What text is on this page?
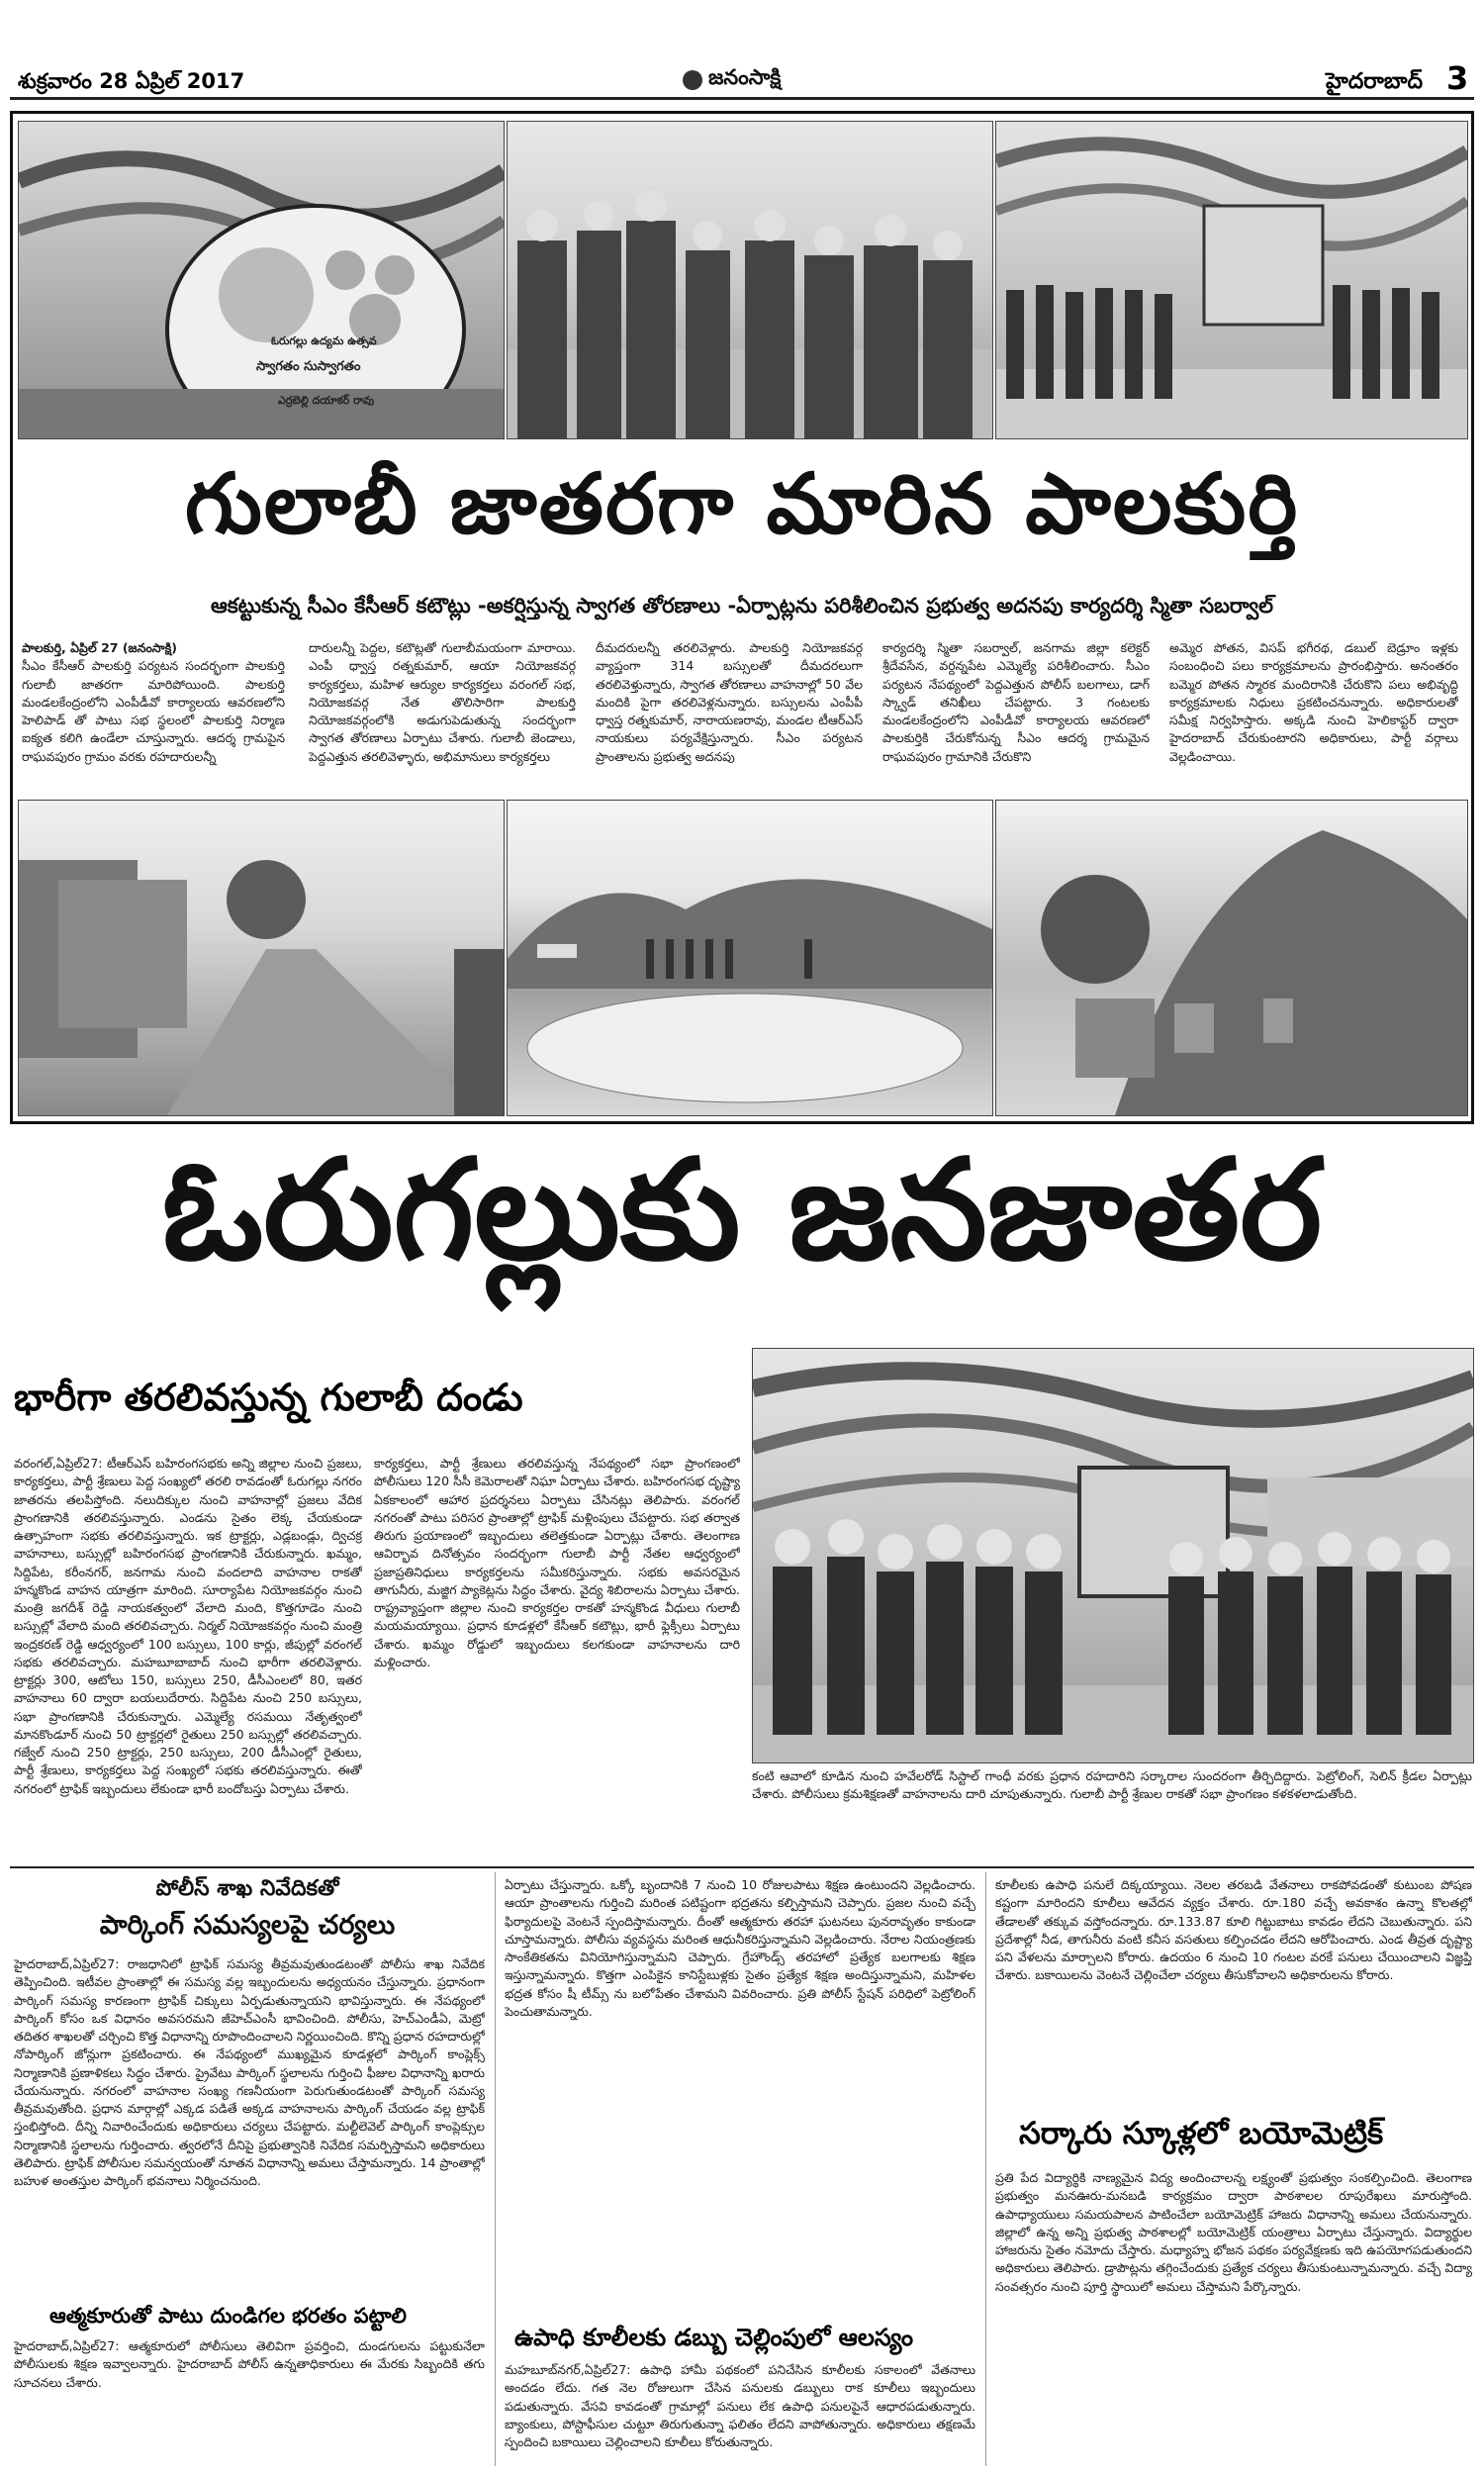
శుక్రవారం 28 ఏప్రిల్ 2017	జనంసాక్షి	హైదరాబాద్ 3
ఓరుగల్లు ఉద్యమ ఉత్సవ
స్వాగతం సుస్వాగతం
ఎర్రబెల్లి దయాకర్ రావు
గులాబీ జాతరగా మారిన పాలకుర్తి
ఆకట్టుకున్న సీఎం కేసీఆర్ కటౌట్లు -అకర్షిస్తున్న స్వాగత తోరణాలు -ఏర్పాట్లను పరిశీలించిన ప్రభుత్వ అదనపు కార్యదర్శి స్మితా సబర్వాల్
పాలకుర్తి, ఏప్రిల్ 27 (జనంసాక్షి)
సీఎం కేసీఆర్ పాలకుర్తి పర్యటన సందర్భంగా పాలకుర్తి గులాబీ జాతరగా మారిపోయింది. పాలకుర్తి మండలకేంద్రంలోని ఎంపీడీవో కార్యాలయ ఆవరణలోని హెలిపాడ్ తో పాటు సభ స్థలంలో పాలకుర్తి నిర్మాణ ఐక్యత కలిగి ఉండేలా చూస్తున్నారు. ఆదర్శ గ్రామపైన రాఘవపురం గ్రామం వరకు రహదారులన్నీ
దారులన్నీ పెద్దల, కటౌట్లతో గులాబీమయంగా మారాయి. ఎంపీ ధ్వాస్త రత్నకుమార్, ఆయా నియోజకవర్గ కార్యకర్తలు, మహిళ ఆర్యుల కార్యకర్తలు వరంగల్ సభ, నియోజకవర్గ నేత తొలిసారిగా పాలకుర్తి నియోజకవర్గంలోకి అడుగుపెడుతున్న సందర్భంగా స్వాగత తోరణాలు ఏర్పాటు చేశారు. గులాబీ జెండాలు, పెద్దఎత్తున తరలివెళ్ళారు, అభిమానులు కార్యకర్తలు
దీమదరులన్నీ తరలివెళ్లారు. పాలకుర్తి నియోజకవర్గ వ్యాప్తంగా 314 బస్సులతో దీమదరలుగా తరలివెళ్తున్నారు, స్వాగత తోరణాలు వాహనాల్లో 50 వేల మందికి పైగా తరలివెళ్లనున్నారు. బస్సులను ఎంపీపీ ధ్వాస్త రత్నకుమార్, నారాయణరావు, మండల టీఆర్ఎస్ నాయకులు పర్యవేక్షిస్తున్నారు. సీఎం పర్యటన ప్రాంతాలను ప్రభుత్వ అదనపు
కార్యదర్శి స్మితా సబర్వాల్, జనగామ జిల్లా కలెక్టర్ శ్రీదేవసేన, వర్దన్నపేట ఎమ్మెల్యే పరిశీలించారు. సీఎం పర్యటన నేపథ్యంలో పెద్దఎత్తున పోలీస్ బలగాలు, డాగ్ స్క్వాడ్ తనిఖీలు చేపట్టారు. 3 గంటలకు మండలకేంద్రంలోని ఎంపీడీవో కార్యాలయ ఆవరణలో పాలకుర్తికి చేరుకోనున్న సీఎం ఆదర్శ గ్రామమైన రాఘవపురం గ్రామానికి చేరుకొని
అమ్మెర పోతన, విసప్ భగీరథ, డబుల్ బెడ్రూం ఇళ్లకు సంబంధించి పలు కార్యక్రమాలను ప్రారంభిస్తారు. అనంతరం బమ్మెర పోతన స్మారక మందిరానికి చేరుకొని పలు అభివృద్ధి కార్యక్రమాలకు నిధులు ప్రకటించనున్నారు. అధికారులతో సమీక్ష నిర్వహిస్తారు. అక్కడి నుంచి హెలికాప్టర్ ద్వారా హైదరాబాద్ చేరుకుంటారని అధికారులు, పార్టీ వర్గాలు వెల్లడించాయి.
ఓరుగల్లుకు జనజాతర
భారీగా తరలివస్తున్న గులాబీ దండు
వరంగల్,ఏప్రిల్27: టీఆర్ఎస్ బహిరంగసభకు అన్ని జిల్లాల నుంచి ప్రజలు, కార్యకర్తలు, పార్టీ శ్రేణులు పెద్ద సంఖ్యలో తరలి రావడంతో ఓరుగల్లు నగరం జాతరను తలపిస్తోంది. నలుదిక్కుల నుంచి వాహనాల్లో ప్రజలు వేదిక ప్రాంగణానికి తరలివస్తున్నారు. ఎండను సైతం లెక్క చేయకుండా ఉత్సాహంగా సభకు తరలివస్తున్నారు. ఇక ట్రాక్టర్లు, ఎడ్లబండ్లు, ద్విచక్ర వాహనాలు, బస్సుల్లో బహిరంగసభ ప్రాంగణానికి చేరుకున్నారు. ఖమ్మం, సిద్దిపేట, కరీంనగర్, జనగామ నుంచి వందలాది వాహనాల రాకతో హన్మకొండ వాహన యాత్రగా మారింది. సూర్యాపేట నియోజకవర్గం నుంచి మంత్రి జగదీశ్ రెడ్డి నాయకత్వంలో వేలాది మంది, కొత్తగూడెం నుంచి బస్సుల్లో వేలాది మంది తరలివచ్చారు. నిర్మల్ నియోజకవర్గం నుంచి మంత్రి ఇంద్రకరణ్ రెడ్డి ఆధ్వర్యంలో 100 బస్సులు, 100 కార్లు, జీపుల్లో వరంగల్ సభకు తరలివచ్చారు. మహబూబాబాద్ నుంచి భారీగా తరలివెళ్లారు. ట్రాక్టర్లు 300, ఆటోలు 150, బస్సులు 250, డీసీఎంలలో 80, ఇతర వాహనాలు 60 ద్వారా బయలుదేరారు. సిద్దిపేట నుంచి 250 బస్సులు, సభా ప్రాంగణానికి చేరుకున్నారు. ఎమ్మెల్యే రసమయి నేతృత్వంలో మానకొండూర్ నుంచి 50 ట్రాక్టర్లలో రైతులు 250 బస్సుల్లో తరలివచ్చారు. గజ్వేల్ నుంచి 250 ట్రాక్టర్లు, 250 బస్సులు, 200 డీసీఎంల్లో రైతులు, పార్టీ శ్రేణులు, కార్యకర్తలు పెద్ద సంఖ్యలో సభకు తరలివస్తున్నారు. ఈతో నగరంలో ట్రాఫిక్ ఇబ్బందులు లేకుండా భారీ బందోబస్తు ఏర్పాటు చేశారు.
కార్యకర్తలు, పార్టీ శ్రేణులు తరలివస్తున్న నేపథ్యంలో సభా ప్రాంగణంలో పోలీసులు 120 సీసీ కెమెరాలతో నిఘా ఏర్పాటు చేశారు. బహిరంగసభ దృష్ట్యా ఏకకాలంలో ఆహార ప్రదర్శనలు ఏర్పాటు చేసినట్లు తెలిపారు. వరంగల్ నగరంతో పాటు పరిసర ప్రాంతాల్లో ట్రాఫిక్ మళ్లింపులు చేపట్టారు. సభ తర్వాత తిరుగు ప్రయాణంలో ఇబ్బందులు తలెత్తకుండా ఏర్పాట్లు చేశారు. తెలంగాణ ఆవిర్భావ దినోత్సవం సందర్భంగా గులాబీ పార్టీ నేతల ఆధ్వర్యంలో ప్రజాప్రతినిధులు కార్యకర్తలను సమీకరిస్తున్నారు. సభకు అవసరమైన తాగునీరు, మజ్జిగ ప్యాకెట్లను సిద్ధం చేశారు. వైద్య శిబిరాలను ఏర్పాటు చేశారు. రాష్ట్రవ్యాప్తంగా జిల్లాల నుంచి కార్యకర్తల రాకతో హన్మకొండ వీధులు గులాబీ మయమయ్యాయి. ప్రధాన కూడళ్లలో కేసీఆర్ కటౌట్లు, భారీ ఫ్లెక్సీలు ఏర్పాటు చేశారు. ఖమ్మం రోడ్డులో ఇబ్బందులు కలగకుండా వాహనాలను దారి మళ్లించారు.
కంటి ఆవాలో కూడిన నుంచి హవేలరోడ్ సిస్టాల్ గాంధీ వరకు ప్రధాన రహదారిని సర్కారాల సుందరంగా తీర్చిదిద్దారు. పెట్రోలింగ్, సెలిన్ క్రీడల ఏర్పాట్లు చేశారు. పోలీసులు క్రమశిక్షణతో వాహనాలను దారి చూపుతున్నారు. గులాబీ పార్టీ శ్రేణుల రాకతో సభా ప్రాంగణం కళకళలాడుతోంది.
పోలీస్ శాఖ నివేదికతో
పార్కింగ్ సమస్యలపై చర్యలు
హైదరాబాద్,ఏప్రిల్27: రాజధానిలో ట్రాఫిక్ సమస్య తీవ్రమవుతుండటంతో పోలీసు శాఖ నివేదిక తెప్పించింది. ఇటీవల ప్రాంతాల్లో ఈ సమస్య వల్ల ఇబ్బందులను అధ్యయనం చేస్తున్నారు. ప్రధానంగా పార్కింగ్ సమస్య కారణంగా ట్రాఫిక్ చిక్కులు ఏర్పడుతున్నాయని భావిస్తున్నారు. ఈ నేపథ్యంలో పార్కింగ్ కోసం ఒక విధానం అవసరమని జీహెచ్ఎంసీ భావించింది. పోలీసు, హెచ్ఎండీఏ, మెట్రో తదితర శాఖలతో చర్చించి కొత్త విధానాన్ని రూపొందించాలని నిర్ణయించింది. కొన్ని ప్రధాన రహదారుల్లో నోపార్కింగ్ జోన్లుగా ప్రకటించారు. ఈ నేపథ్యంలో ముఖ్యమైన కూడళ్లలో పార్కింగ్ కాంప్లెక్స్ నిర్మాణానికి ప్రణాళికలు సిద్ధం చేశారు. ప్రైవేటు పార్కింగ్ స్థలాలను గుర్తించి ఫీజుల విధానాన్ని ఖరారు చేయనున్నారు. నగరంలో వాహనాల సంఖ్య గణనీయంగా పెరుగుతుండటంతో పార్కింగ్ సమస్య తీవ్రమవుతోంది. ప్రధాన మార్గాల్లో ఎక్కడ పడితే అక్కడ వాహనాలను పార్కింగ్ చేయడం వల్ల ట్రాఫిక్ స్తంభిస్తోంది. దీన్ని నివారించేందుకు అధికారులు చర్యలు చేపట్టారు. మల్టీలెవెల్ పార్కింగ్ కాంప్లెక్సుల నిర్మాణానికి స్థలాలను గుర్తించారు. త్వరలోనే దీనిపై ప్రభుత్వానికి నివేదిక సమర్పిస్తామని అధికారులు తెలిపారు. ట్రాఫిక్ పోలీసుల సమన్వయంతో నూతన విధానాన్ని అమలు చేస్తామన్నారు. 14 ప్రాంతాల్లో బహుళ అంతస్తుల పార్కింగ్ భవనాలు నిర్మించనుంది.
ఆత్మకూరుతో పాటు దుండిగల భరతం పట్టాలి
హైదరాబాద్,ఏప్రిల్27: ఆత్మకూరులో పోలీసులు తెలివిగా ప్రవర్తించి, దుండగులను పట్టుకునేలా పోలీసులకు శిక్షణ ఇవ్వాలన్నారు. హైదరాబాద్ పోలీస్ ఉన్నతాధికారులు ఈ మేరకు సిబ్బందికి తగు సూచనలు చేశారు.
ఏర్పాటు చేస్తున్నారు. ఒక్కో బృందానికి 7 నుంచి 10 రోజులపాటు శిక్షణ ఉంటుందని వెల్లడించారు. ఆయా ప్రాంతాలను గుర్తించి మరింత పటిష్టంగా భద్రతను కల్పిస్తామని చెప్పారు. ప్రజల నుంచి వచ్చే ఫిర్యాదులపై వెంటనే స్పందిస్తామన్నారు. దీంతో ఆత్మకూరు తరహా ఘటనలు పునరావృతం కాకుండా చూస్తామన్నారు. పోలీసు వ్యవస్థను మరింత ఆధునీకరిస్తున్నామని వెల్లడించారు. నేరాల నియంత్రణకు సాంకేతికతను వినియోగిస్తున్నామని చెప్పారు. గ్రేహౌండ్స్ తరహాలో ప్రత్యేక బలగాలకు శిక్షణ ఇస్తున్నామన్నారు. కొత్తగా ఎంపికైన కానిస్టేబుళ్లకు సైతం ప్రత్యేక శిక్షణ అందిస్తున్నామని, మహిళల భద్రత కోసం షీ టీమ్స్ ను బలోపేతం చేశామని వివరించారు. ప్రతి పోలీస్ స్టేషన్ పరిధిలో పెట్రోలింగ్ పెంచుతామన్నారు.
ఉపాధి కూలీలకు డబ్బు చెల్లింపులో ఆలస్యం
మహబూబ్‌నగర్,ఏప్రిల్27: ఉపాధి హామీ పథకంలో పనిచేసిన కూలీలకు సకాలంలో వేతనాలు అందడం లేదు. గత నెల రోజులుగా చేసిన పనులకు డబ్బులు రాక కూలీలు ఇబ్బందులు పడుతున్నారు. వేసవి కావడంతో గ్రామాల్లో పనులు లేక ఉపాధి పనులపైనే ఆధారపడుతున్నారు. బ్యాంకులు, పోస్టాఫీసుల చుట్టూ తిరుగుతున్నా ఫలితం లేదని వాపోతున్నారు. అధికారులు తక్షణమే స్పందించి బకాయిలు చెల్లించాలని కూలీలు కోరుతున్నారు.
కూలీలకు ఉపాధి పనులే దిక్కయ్యాయి. నెలల తరబడి వేతనాలు రాకపోవడంతో కుటుంబ పోషణ కష్టంగా మారిందని కూలీలు ఆవేదన వ్యక్తం చేశారు. రూ.180 వచ్చే అవకాశం ఉన్నా కొలతల్లో తేడాలతో తక్కువ వస్తోందన్నారు. రూ.133.87 కూలి గిట్టుబాటు కావడం లేదని చెబుతున్నారు. పని ప్రదేశాల్లో నీడ, తాగునీరు వంటి కనీస వసతులు కల్పించడం లేదని ఆరోపించారు. ఎండ తీవ్రత దృష్ట్యా పని వేళలను మార్చాలని కోరారు. ఉదయం 6 నుంచి 10 గంటల వరకే పనులు చేయించాలని విజ్ఞప్తి చేశారు. బకాయిలను వెంటనే చెల్లించేలా చర్యలు తీసుకోవాలని అధికారులను కోరారు.
సర్కారు స్కూళ్లలో బయోమెట్రిక్
ప్రతి పేద విద్యార్థికి నాణ్యమైన విద్య అందించాలన్న లక్ష్యంతో ప్రభుత్వం సంకల్పించింది. తెలంగాణ ప్రభుత్వం మనఊరు-మనబడి కార్యక్రమం ద్వారా పాఠశాలల రూపురేఖలు మారుస్తోంది. ఉపాధ్యాయులు సమయపాలన పాటించేలా బయోమెట్రిక్ హాజరు విధానాన్ని అమలు చేయనున్నారు. జిల్లాలో ఉన్న అన్ని ప్రభుత్వ పాఠశాలల్లో బయోమెట్రిక్ యంత్రాలు ఏర్పాటు చేస్తున్నారు. విద్యార్థుల హాజరును సైతం నమోదు చేస్తారు. మధ్యాహ్న భోజన పథకం పర్యవేక్షణకు ఇది ఉపయోగపడుతుందని అధికారులు తెలిపారు. డ్రాపౌట్లను తగ్గించేందుకు ప్రత్యేక చర్యలు తీసుకుంటున్నామన్నారు. వచ్చే విద్యా సంవత్సరం నుంచి పూర్తి స్థాయిలో అమలు చేస్తామని పేర్కొన్నారు.
